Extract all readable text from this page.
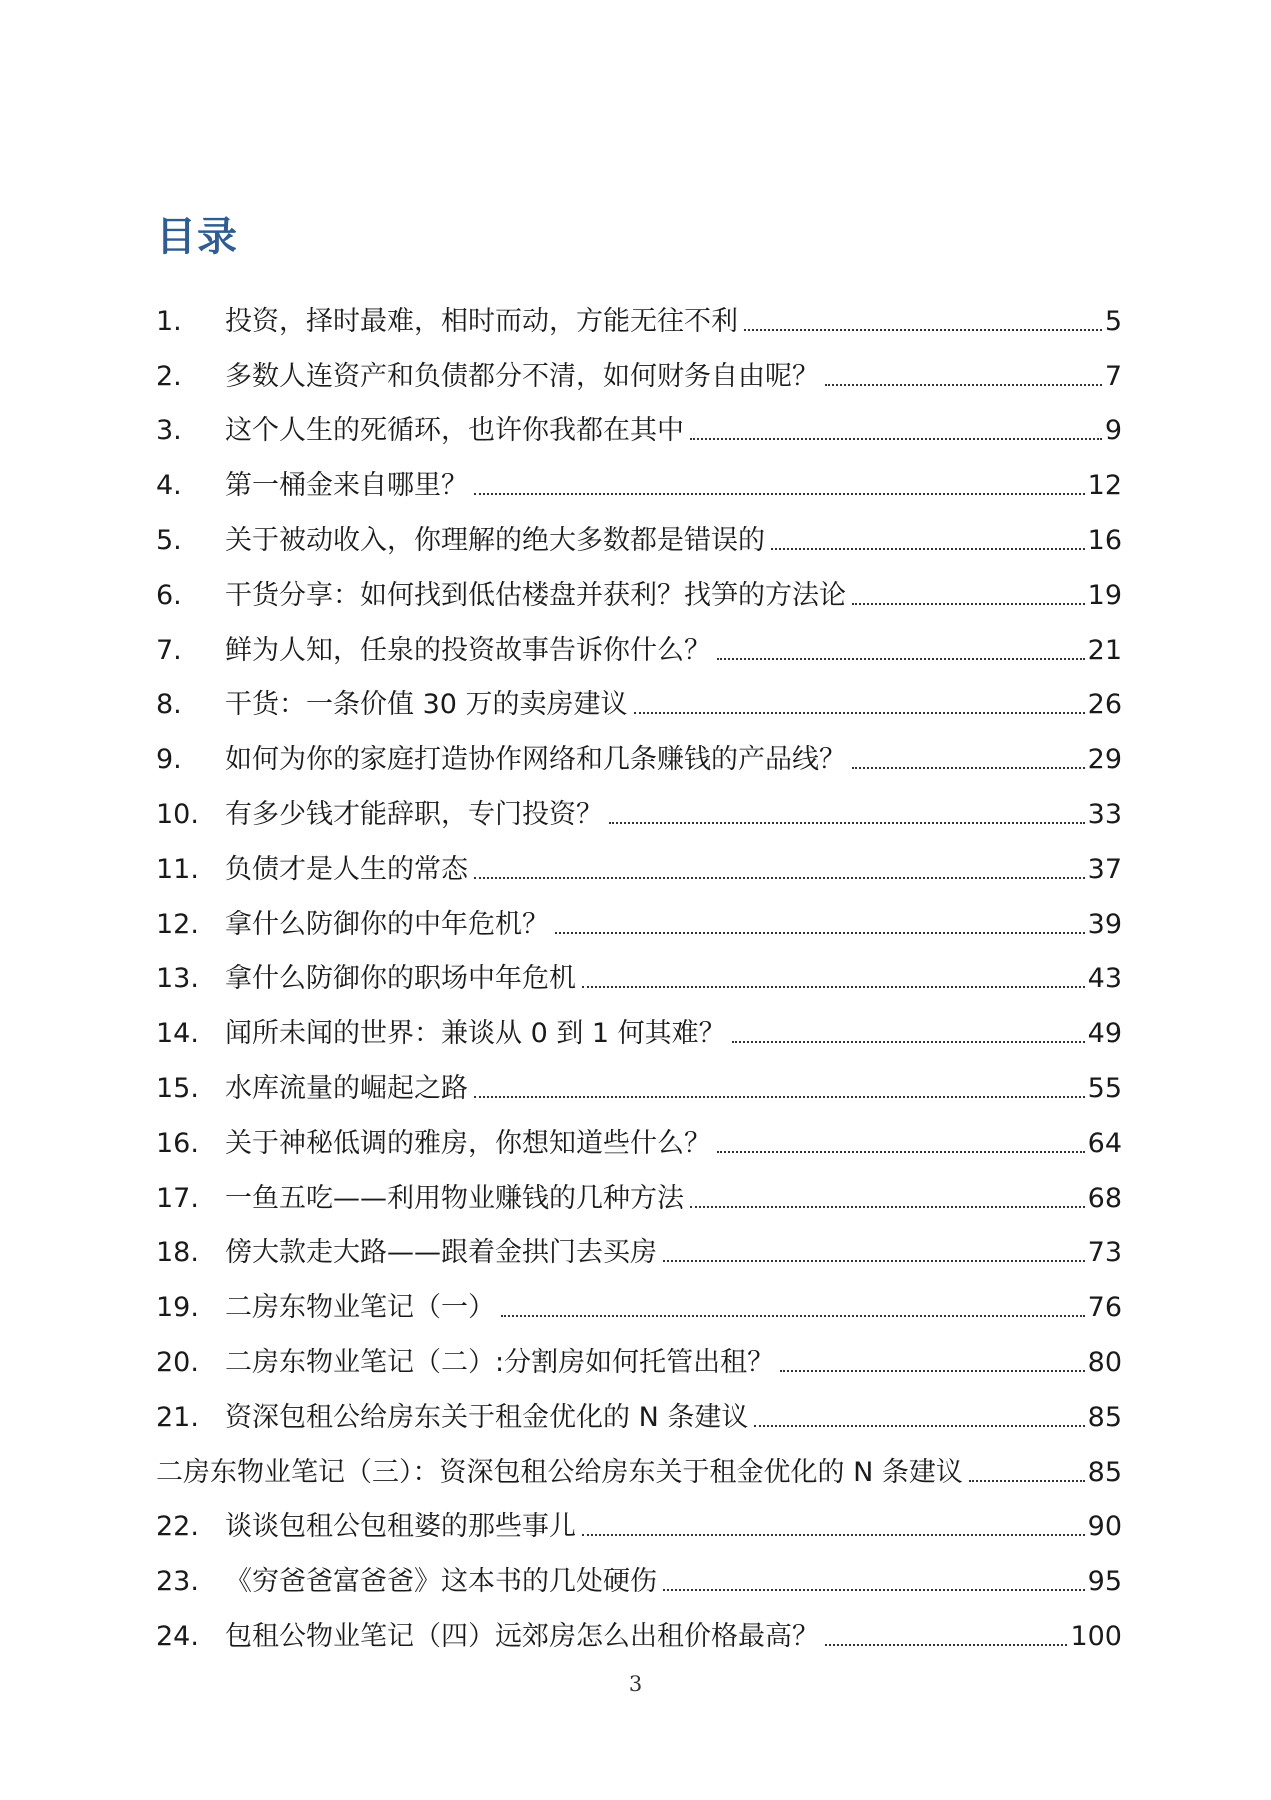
目录
1.	投资，择时最难，相时而动，方能无往不利	5
2.	多数人连资产和负债都分不清，如何财务自由呢？	7
3.	这个人生的死循环，也许你我都在其中	9
4.	第一桶金来自哪里？	12
5.	关于被动收入，你理解的绝大多数都是错误的	16
6.	干货分享：如何找到低估楼盘并获利？找笋的方法论	19
7.	鲜为人知，任泉的投资故事告诉你什么？	21
8.	干货：一条价值 30 万的卖房建议	26
9.	如何为你的家庭打造协作网络和几条赚钱的产品线？	29
10. 有多少钱才能辞职，专门投资？	33
11. 负债才是人生的常态	37
12. 拿什么防御你的中年危机？	39
13. 拿什么防御你的职场中年危机	43
14. 闻所未闻的世界：兼谈从 0 到 1 何其难？	49
15. 水库流量的崛起之路	55
16. 关于神秘低调的雅房，你想知道些什么？	64
17. 一鱼五吃——利用物业赚钱的几种方法	68
18. 傍大款走大路——跟着金拱门去买房	73
19. 二房东物业笔记（一）	76
20. 二房东物业笔记（二）:分割房如何托管出租？	80
21. 资深包租公给房东关于租金优化的 N 条建议	85
二房东物业笔记（三）：资深包租公给房东关于租金优化的 N 条建议	85
22. 谈谈包租公包租婆的那些事儿	90
23. 《穷爸爸富爸爸》这本书的几处硬伤	95
24. 包租公物业笔记（四）远郊房怎么出租价格最高？	100
3
